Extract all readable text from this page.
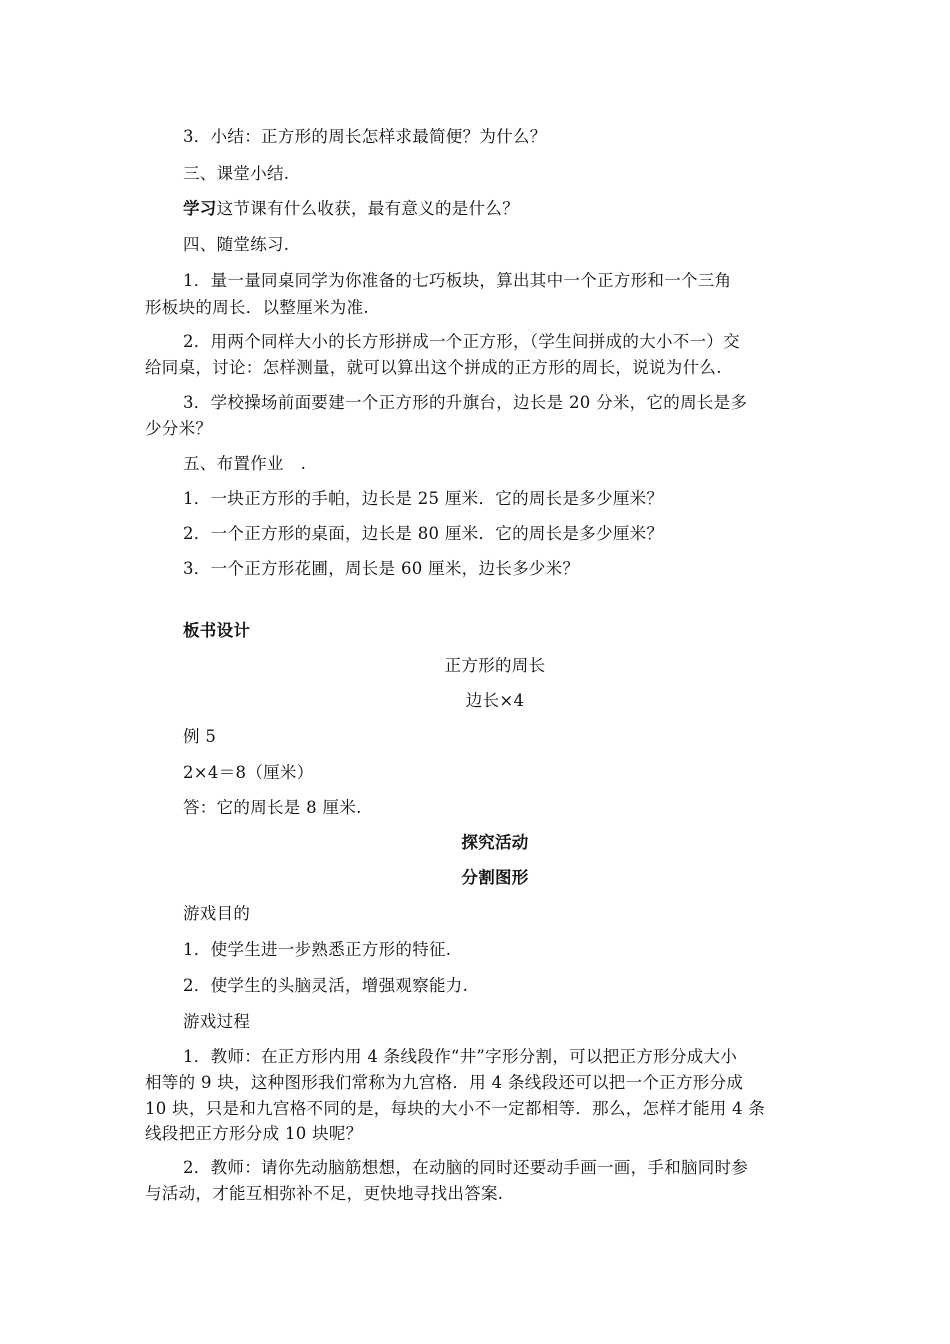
3．小结：正方形的周长怎样求最简便？为什么？
三、课堂小结.
学习这节课有什么收获，最有意义的是什么？
四、随堂练习.
1．量一量同桌同学为你准备的七巧板块，算出其中一个正方形和一个三角
形板块的周长．以整厘米为准.
2．用两个同样大小的长方形拼成一个正方形，（学生间拼成的大小不一）交
给同桌，讨论：怎样测量，就可以算出这个拼成的正方形的周长，说说为什么.
3．学校操场前面要建一个正方形的升旗台，边长是 20 分米，它的周长是多
少分米？
五、布置作业　.
1．一块正方形的手帕，边长是 25 厘米．它的周长是多少厘米？
2．一个正方形的桌面，边长是 80 厘米．它的周长是多少厘米？
3．一个正方形花圃，周长是 60 厘米，边长多少米？
板书设计
正方形的周长
边长×4
例 5
2×4＝8（厘米）
答：它的周长是 8 厘米.
探究活动
分割图形
游戏目的
1．使学生进一步熟悉正方形的特征.
2．使学生的头脑灵活，增强观察能力.
游戏过程
1．教师：在正方形内用 4 条线段作“井”字形分割，可以把正方形分成大小
相等的 9 块，这种图形我们常称为九宫格．用 4 条线段还可以把一个正方形分成
10 块，只是和九宫格不同的是，每块的大小不一定都相等．那么，怎样才能用 4 条
线段把正方形分成 10 块呢？
2．教师：请你先动脑筋想想，在动脑的同时还要动手画一画，手和脑同时参
与活动，才能互相弥补不足，更快地寻找出答案.
